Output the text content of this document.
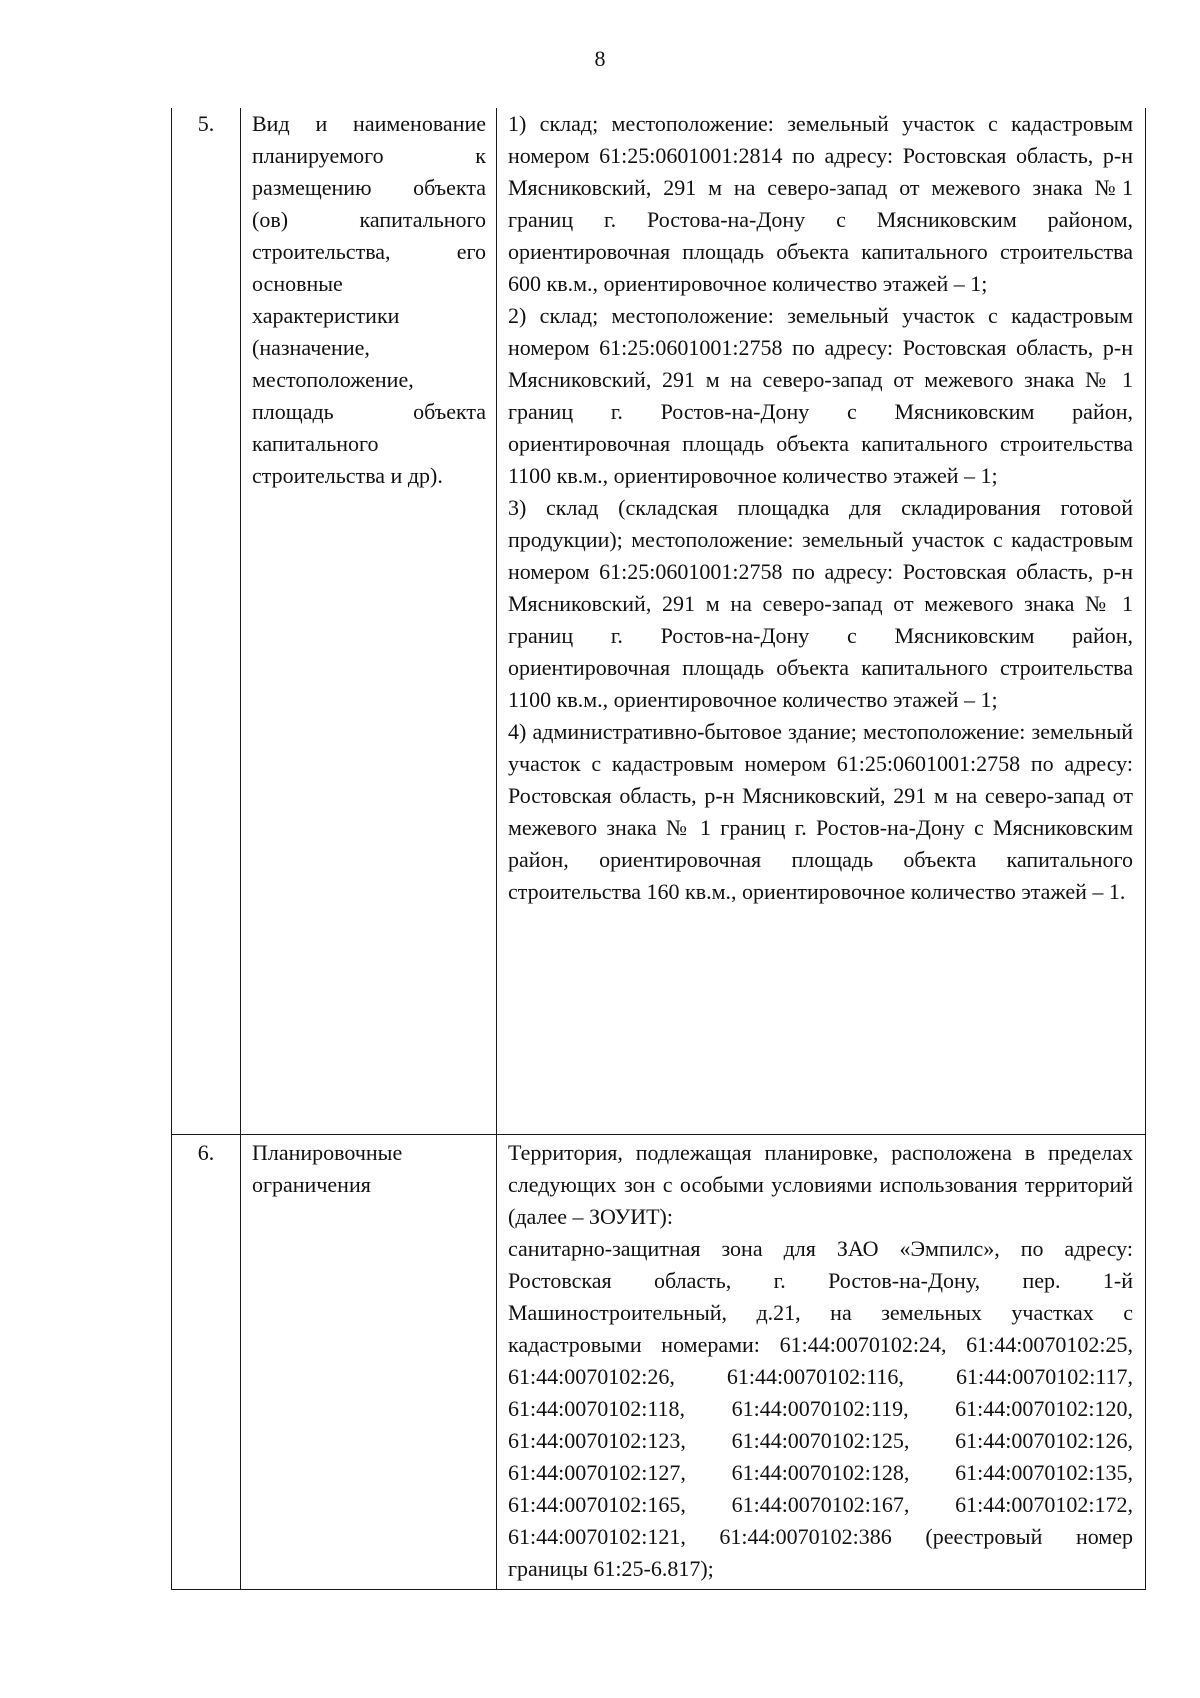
8
5.	Вид и наименование планируемого к размещению объекта (ов) капитального строительства, его основные характеристики (назначение, местоположение, площадь объекта капитального строительства и др).	1) склад; местоположение: земельный участок с кадастровым номером 61:25:0601001:2814 по адресу: Ростовская область, р-н Мясниковский, 291 м на северо-запад от межевого знака №1 границ г. Ростова-на-Дону с Мясниковским районом, ориентировочная площадь объекта капитального строительства 600 кв.м., ориентировочное количество этажей – 1;

2) склад; местоположение: земельный участок с кадастровым номером 61:25:0601001:2758 по адресу: Ростовская область, р-н Мясниковский, 291 м на северо-запад от межевого знака № 1 границ г. Ростов-на-Дону с Мясниковским район, ориентировочная площадь объекта капитального строительства 1100 кв.м., ориентировочное количество этажей – 1;

3) склад (складская площадка для складирования готовой продукции); местоположение: земельный участок с кадастровым номером 61:25:0601001:2758 по адресу: Ростовская область, р-н Мясниковский, 291 м на северо-запад от межевого знака № 1 границ г. Ростов-на-Дону с Мясниковским район, ориентировочная площадь объекта капитального строительства 1100 кв.м., ориентировочное количество этажей – 1;

4) административно-бытовое здание; местоположение: земельный участок с кадастровым номером 61:25:0601001:2758 по адресу: Ростовская область, р-н Мясниковский, 291 м на северо-запад от межевого знака № 1 границ г. Ростов-на-Дону с Мясниковским район, ориентировочная площадь объекта капитального строительства 160 кв.м., ориентировочное количество этажей – 1.

6.	Планировочные ограничения	Территория, подлежащая планировке, расположена в пределах следующих зон с особыми условиями использования территорий (далее – ЗОУИТ):

санитарно-защитная зона для ЗАО «Эмпилс», по адресу: Ростовская область, г. Ростов-на-Дону, пер. 1-й Машиностроительный, д.21, на земельных участках с кадастровыми номерами: 61:44:0070102:24, 61:44:0070102:25, 61:44:0070102:26, 61:44:0070102:116, 61:44:0070102:117, 61:44:0070102:118, 61:44:0070102:119, 61:44:0070102:120, 61:44:0070102:123, 61:44:0070102:125, 61:44:0070102:126, 61:44:0070102:127, 61:44:0070102:128, 61:44:0070102:135, 61:44:0070102:165, 61:44:0070102:167, 61:44:0070102:172, 61:44:0070102:121, 61:44:0070102:386 (реестровый номер границы 61:25-6.817);
